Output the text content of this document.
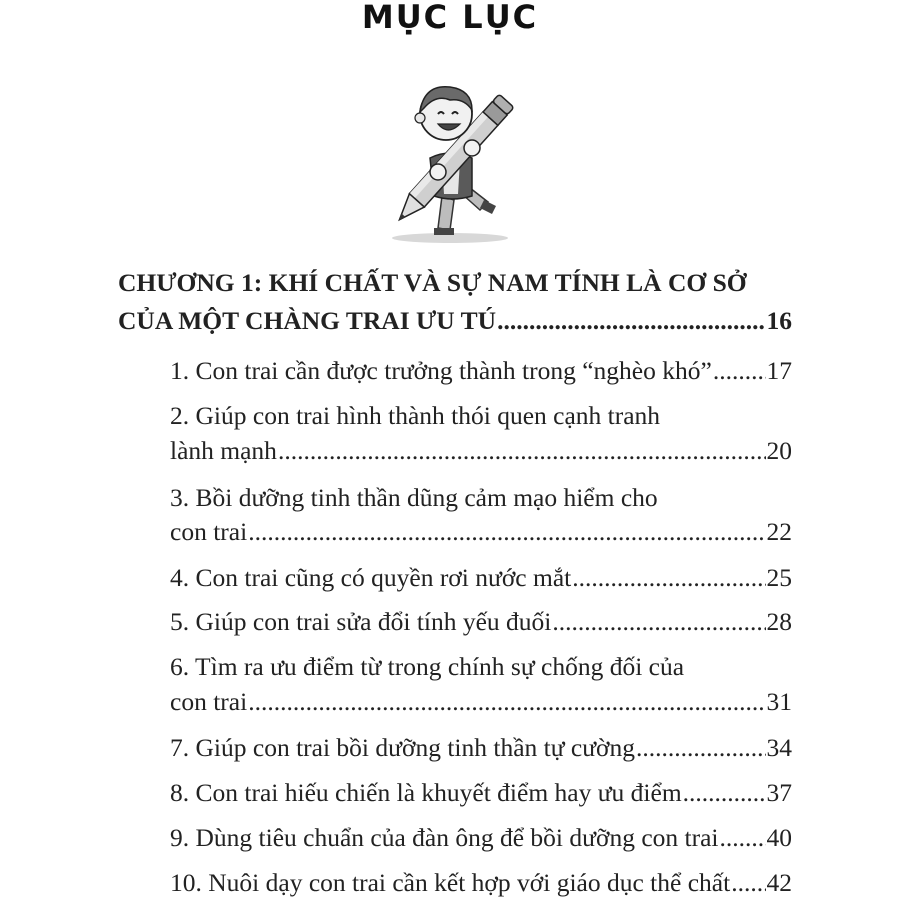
MỤC LỤC
CHƯƠNG 1: KHÍ CHẤT VÀ SỰ NAM TÍNH LÀ CƠ SỞ
CỦA MỘT CHÀNG TRAI ƯU TÚ .....	16
1. Con trai cần được trưởng thành trong “nghèo khó” ..... 17
2. Giúp con trai hình thành thói quen cạnh tranh
lành mạnh .....	20
3. Bồi dưỡng tinh thần dũng cảm mạo hiểm cho
con trai .....	22
4. Con trai cũng có quyền rơi nước mắt .....	25
5. Giúp con trai sửa đổi tính yếu đuối .....	28
6. Tìm ra ưu điểm từ trong chính sự chống đối của
con trai .....	31
7. Giúp con trai bồi dưỡng tinh thần tự cường .....	34
8. Con trai hiếu chiến là khuyết điểm hay ưu điểm .....	37
9. Dùng tiêu chuẩn của đàn ông để bồi dưỡng con trai ..... 40
10. Nuôi dạy con trai cần kết hợp với giáo dục thể chất ..... 42
